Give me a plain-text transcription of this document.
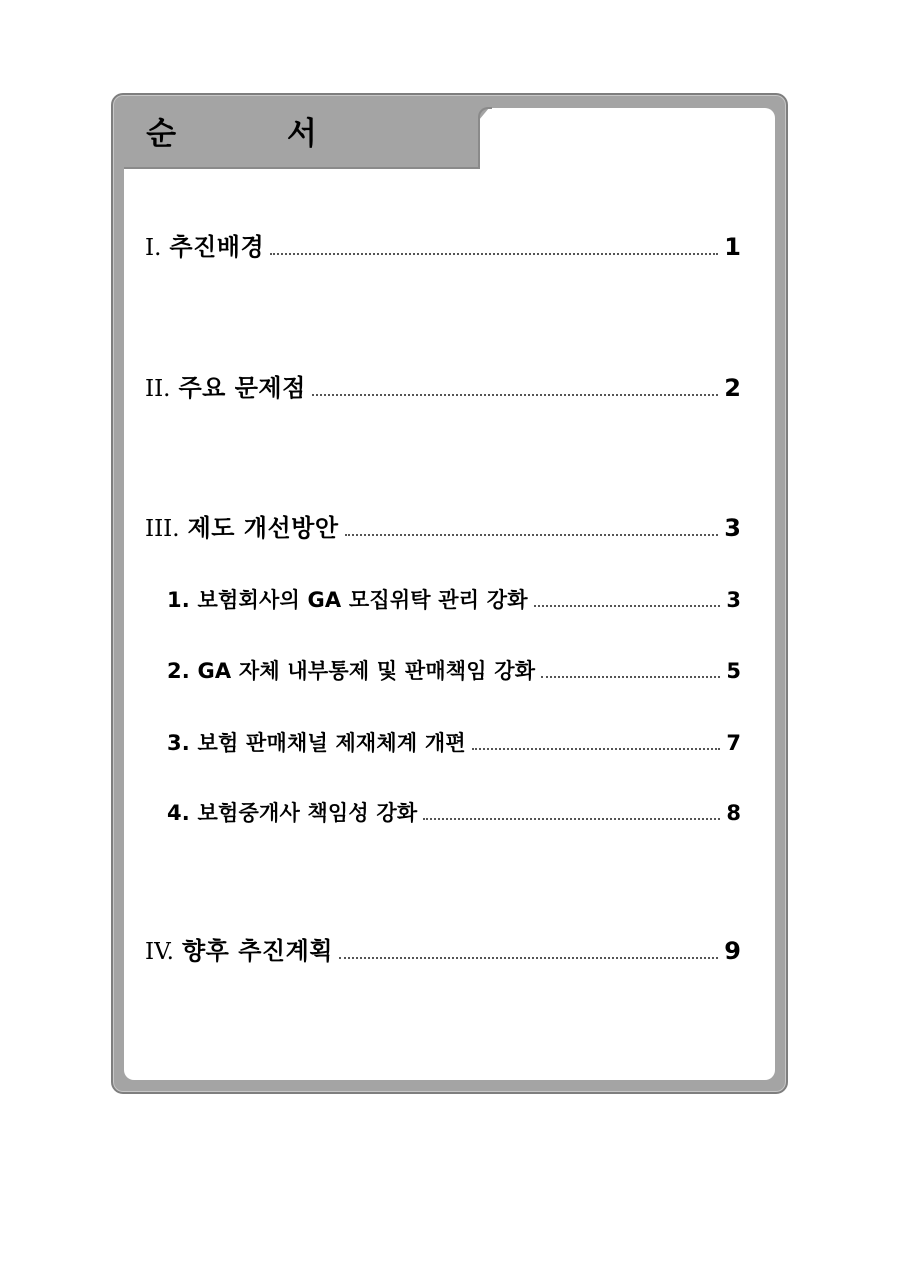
순 서
I. 추진배경	1
II. 주요 문제점	2
III. 제도 개선방안	3
1. 보험회사의 GA 모집위탁 관리 강화	3
2. GA 자체 내부통제 및 판매책임 강화	5
3. 보험 판매채널 제재체계 개편	7
4. 보험중개사 책임성 강화	8
IV. 향후 추진계획	9
